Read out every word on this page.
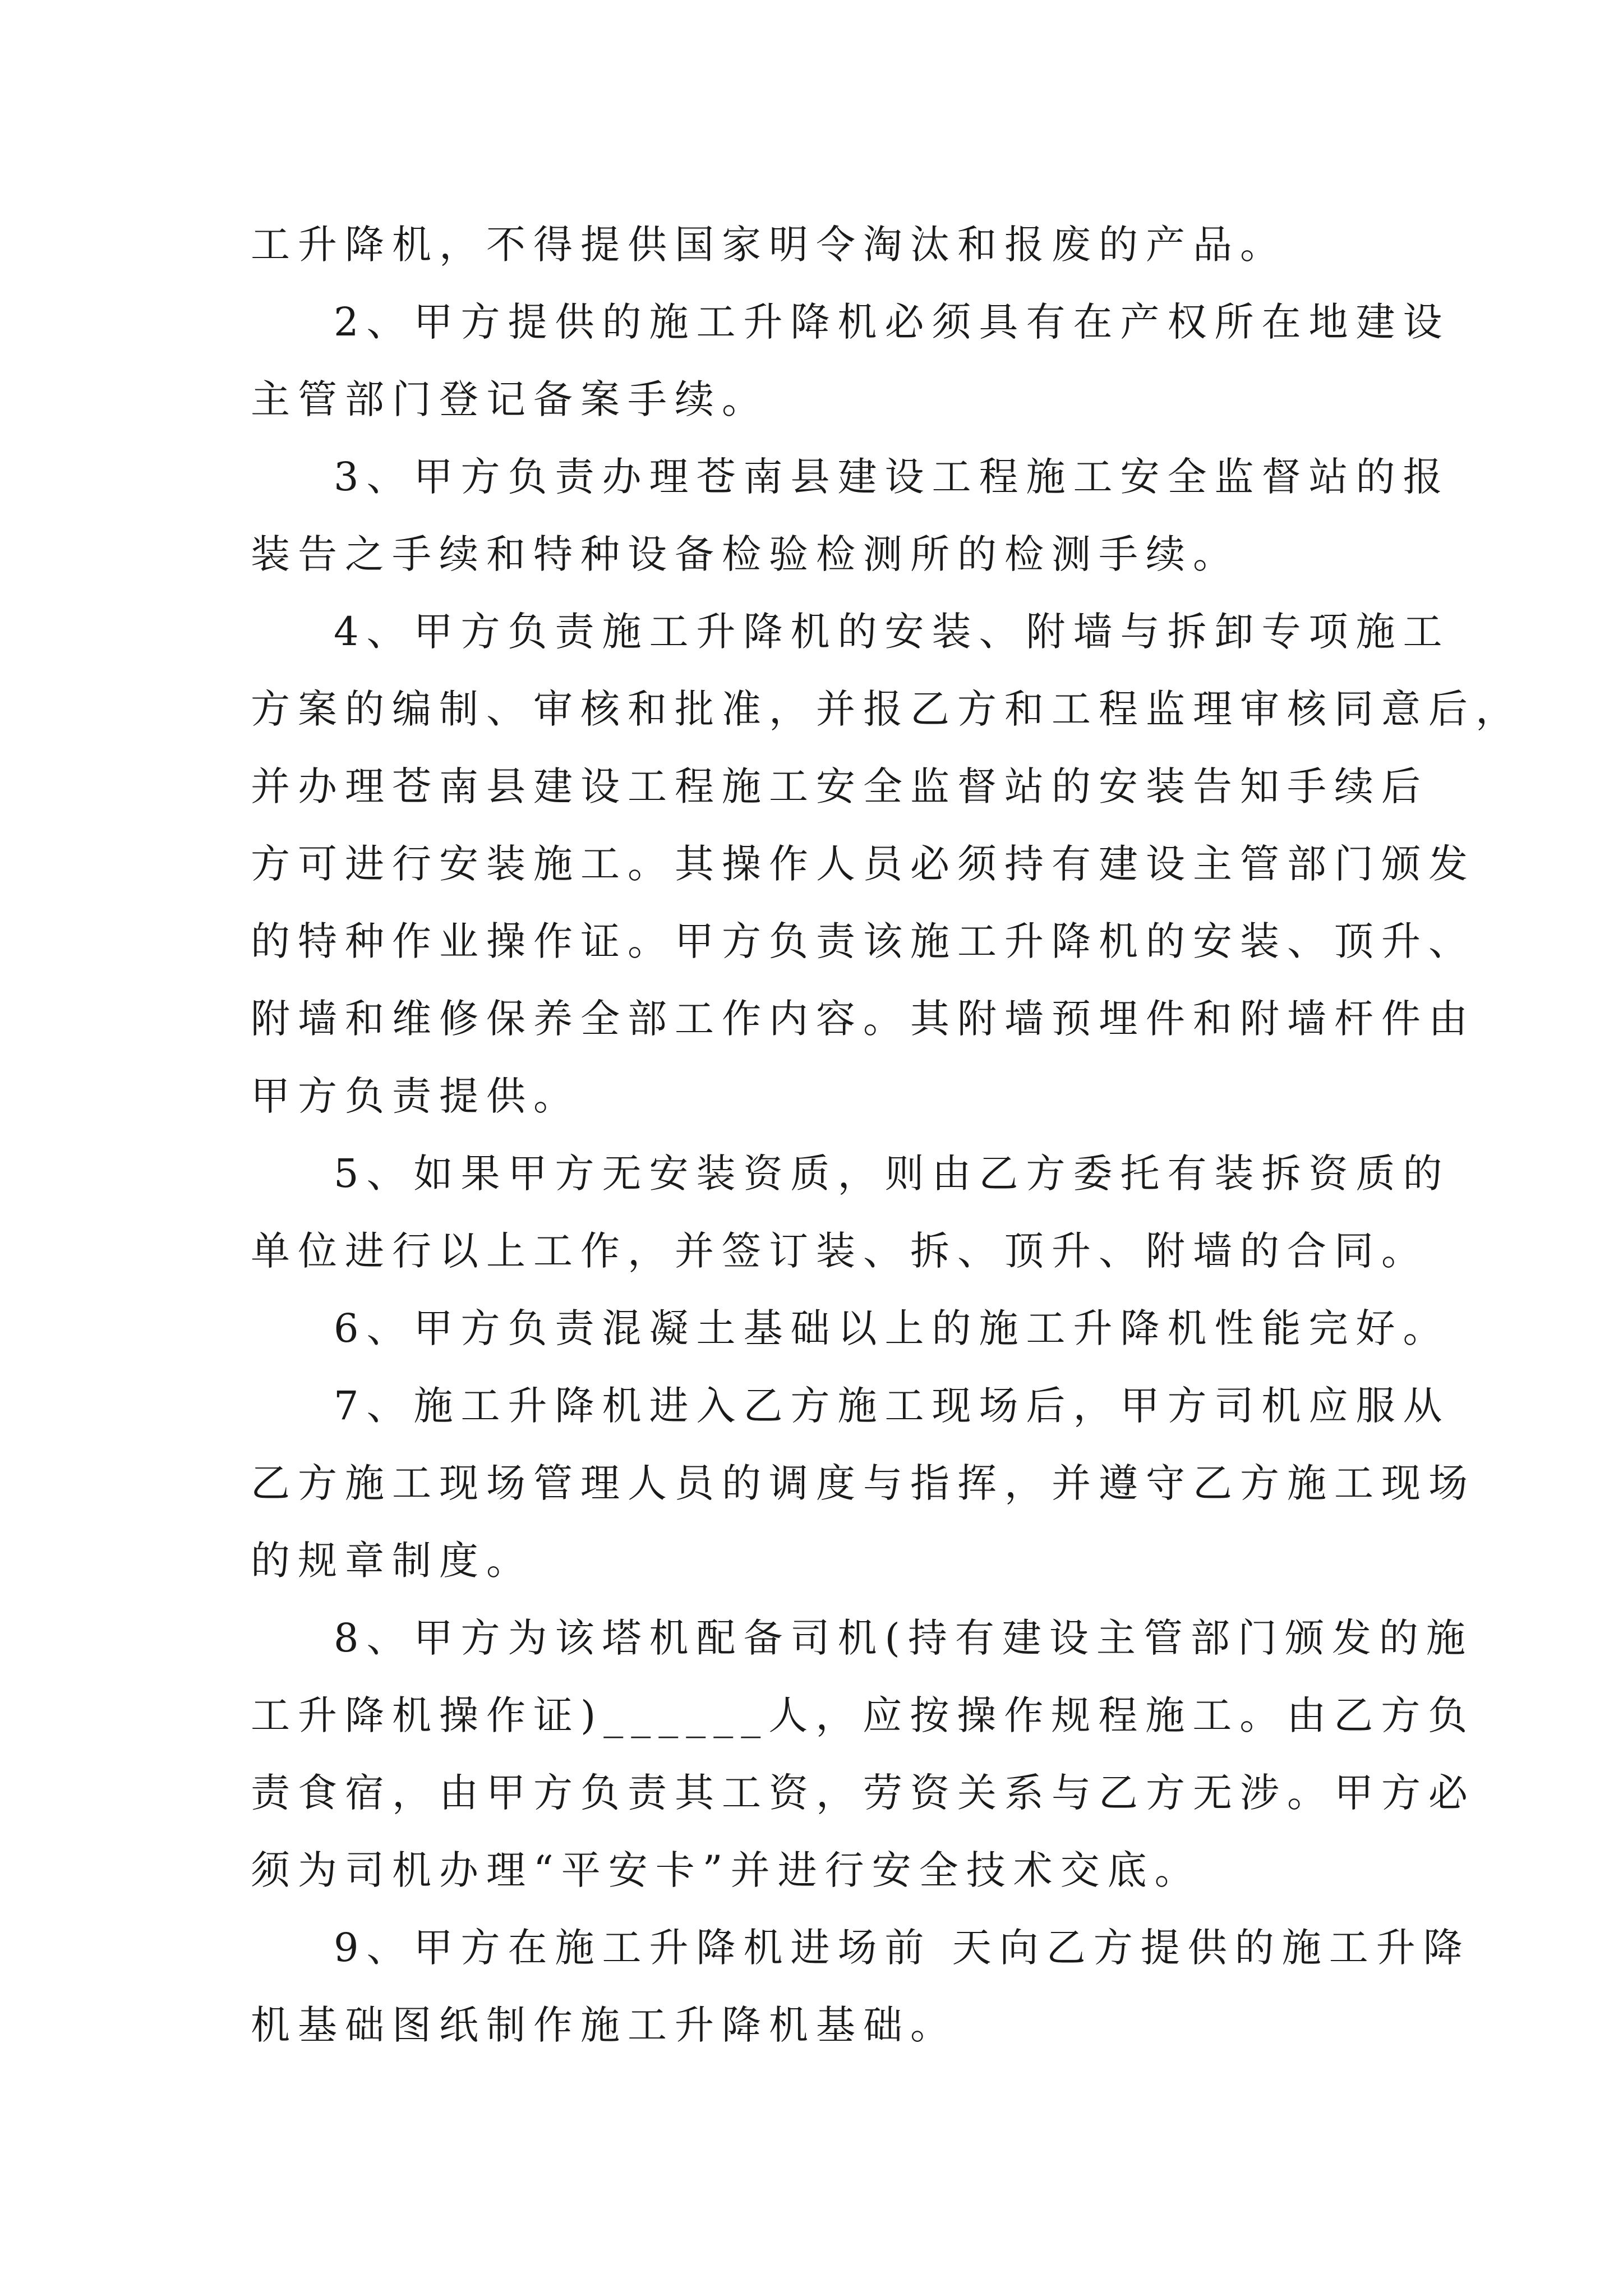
工升降机，不得提供国家明令淘汰和报废的产品。
2、甲方提供的施工升降机必须具有在产权所在地建设
主管部门登记备案手续。
3、甲方负责办理苍南县建设工程施工安全监督站的报
装告之手续和特种设备检验检测所的检测手续。
4、甲方负责施工升降机的安装、附墙与拆卸专项施工
方案的编制、审核和批准，并报乙方和工程监理审核同意后，
并办理苍南县建设工程施工安全监督站的安装告知手续后
方可进行安装施工。其操作人员必须持有建设主管部门颁发
的特种作业操作证。甲方负责该施工升降机的安装、顶升、
附墙和维修保养全部工作内容。其附墙预埋件和附墙杆件由
甲方负责提供。
5、如果甲方无安装资质，则由乙方委托有装拆资质的
单位进行以上工作，并签订装、拆、顶升、附墙的合同。
6、甲方负责混凝土基础以上的施工升降机性能完好。
7、施工升降机进入乙方施工现场后，甲方司机应服从
乙方施工现场管理人员的调度与指挥，并遵守乙方施工现场
的规章制度。
8、甲方为该塔机配备司机(持有建设主管部门颁发的施
工升降机操作证)______人，应按操作规程施工。由乙方负
责食宿，由甲方负责其工资，劳资关系与乙方无涉。甲方必
须为司机办理“平安卡”并进行安全技术交底。
9、甲方在施工升降机进场前 天向乙方提供的施工升降
机基础图纸制作施工升降机基础。
